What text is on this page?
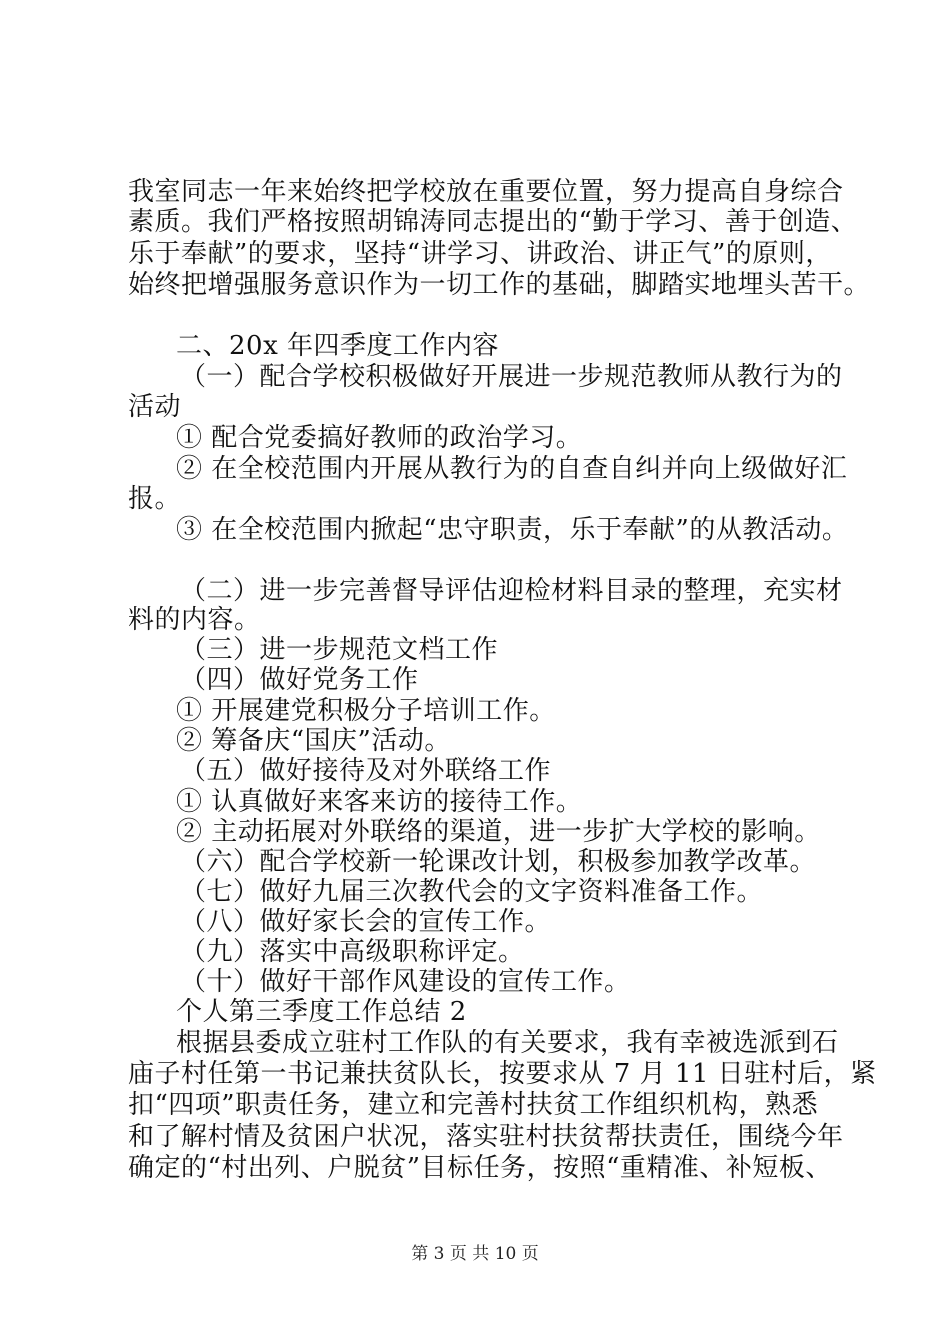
我室同志一年来始终把学校放在重要位置，努力提高自身综合
素质。我们严格按照胡锦涛同志提出的“勤于学习、善于创造、
乐于奉献”的要求，坚持“讲学习、讲政治、讲正气”的原则，
始终把增强服务意识作为一切工作的基础，脚踏实地埋头苦干。
二、20x 年四季度工作内容
（一）配合学校积极做好开展进一步规范教师从教行为的
活动
① 配合党委搞好教师的政治学习。
② 在全校范围内开展从教行为的自查自纠并向上级做好汇
报。
③ 在全校范围内掀起“忠守职责，乐于奉献”的从教活动。
（二）进一步完善督导评估迎检材料目录的整理，充实材
料的内容。
（三）进一步规范文档工作
（四）做好党务工作
① 开展建党积极分子培训工作。
② 筹备庆“国庆”活动。
（五）做好接待及对外联络工作
① 认真做好来客来访的接待工作。
② 主动拓展对外联络的渠道，进一步扩大学校的影响。
（六）配合学校新一轮课改计划，积极参加教学改革。
（七）做好九届三次教代会的文字资料准备工作。
（八）做好家长会的宣传工作。
（九）落实中高级职称评定。
（十）做好干部作风建设的宣传工作。
个人第三季度工作总结 2
根据县委成立驻村工作队的有关要求，我有幸被选派到石
庙子村任第一书记兼扶贫队长，按要求从 7 月 11 日驻村后，紧
扣“四项”职责任务，建立和完善村扶贫工作组织机构，熟悉
和了解村情及贫困户状况，落实驻村扶贫帮扶责任，围绕今年
确定的“村出列、户脱贫”目标任务，按照“重精准、补短板、
第 3 页 共 10 页
